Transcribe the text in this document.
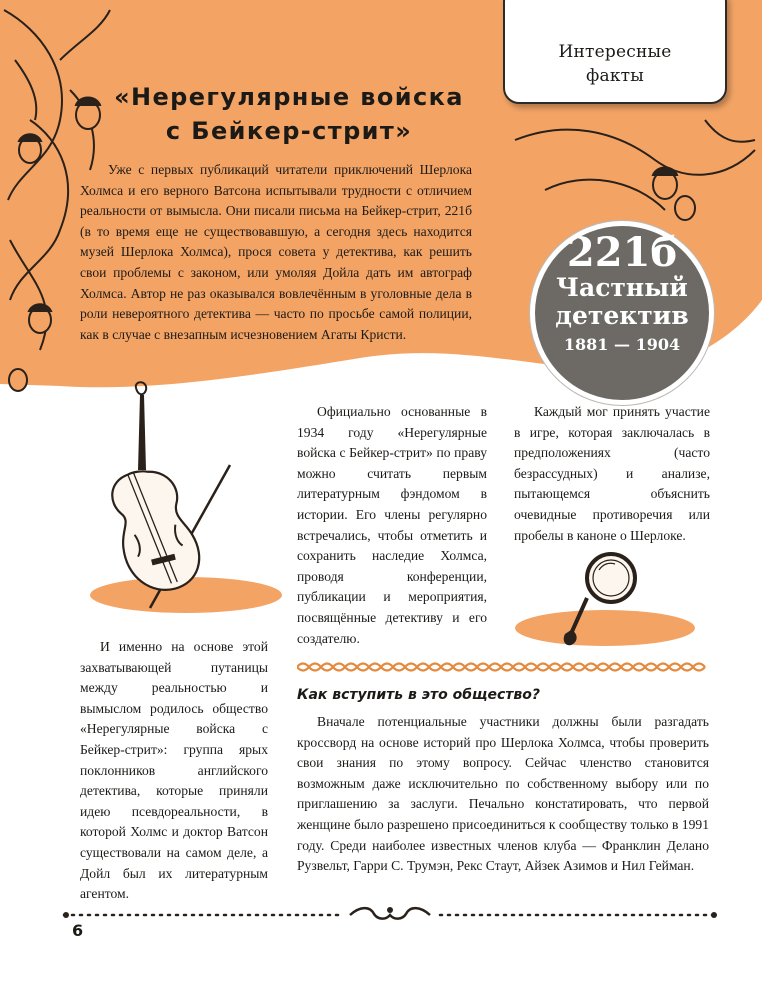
Интересные
факты
«Нерегулярные войска
с Бейкер-стрит»

Уже с первых публикаций читатели приключений Шерлока Холмса и его верного Ватсона испытывали трудности с отличием реальности от вымысла. Они писали письма на Бейкер-стрит, 221б (в то время еще не существовавшую, а сегодня здесь находится музей Шерлока Холмса), прося совета у детектива, как решить свои проблемы с законом, или умоляя Дойла дать им автограф Холмса. Автор не раз оказывался вовлечённым в уголовные дела в роли невероятного детектива — часто по просьбе самой полиции, как в случае с внезапным исчезновением Агаты Кристи.

221б
Частный
детектив
1881 — 1904

Официально основанные в 1934 году «Нерегулярные войска с Бейкер-стрит» по праву можно считать первым литературным фэндомом в истории. Его члены регулярно встречались, чтобы отметить и сохранить наследие Холмса, проводя конференции, публикации и мероприятия, посвящённые детективу и его создателю.

Каждый мог принять участие в игре, которая заключалась в предположениях (часто безрассудных) и анализе, пытающемся объяснить очевидные противоречия или пробелы в каноне о Шерлоке.

И именно на основе этой захватывающей путаницы между реальностью и вымыслом родилось общество «Нерегулярные войска с Бейкер-стрит»: группа ярых поклонников английского детектива, которые приняли идею псевдореальности, в которой Холмс и доктор Ватсон существовали на самом деле, а Дойл был их литературным агентом.

Как вступить в это общество?

Вначале потенциальные участники должны были разгадать кроссворд на основе историй про Шерлока Холмса, чтобы проверить свои знания по этому вопросу. Сейчас членство становится возможным даже исключительно по собственному выбору или по приглашению за заслуги. Печально констатировать, что первой женщине было разрешено присоединиться к сообществу только в 1991 году. Среди наиболее известных членов клуба — Франклин Делано Рузвельт, Гарри С. Трумэн, Рекс Стаут, Айзек Азимов и Нил Гейман.

6
